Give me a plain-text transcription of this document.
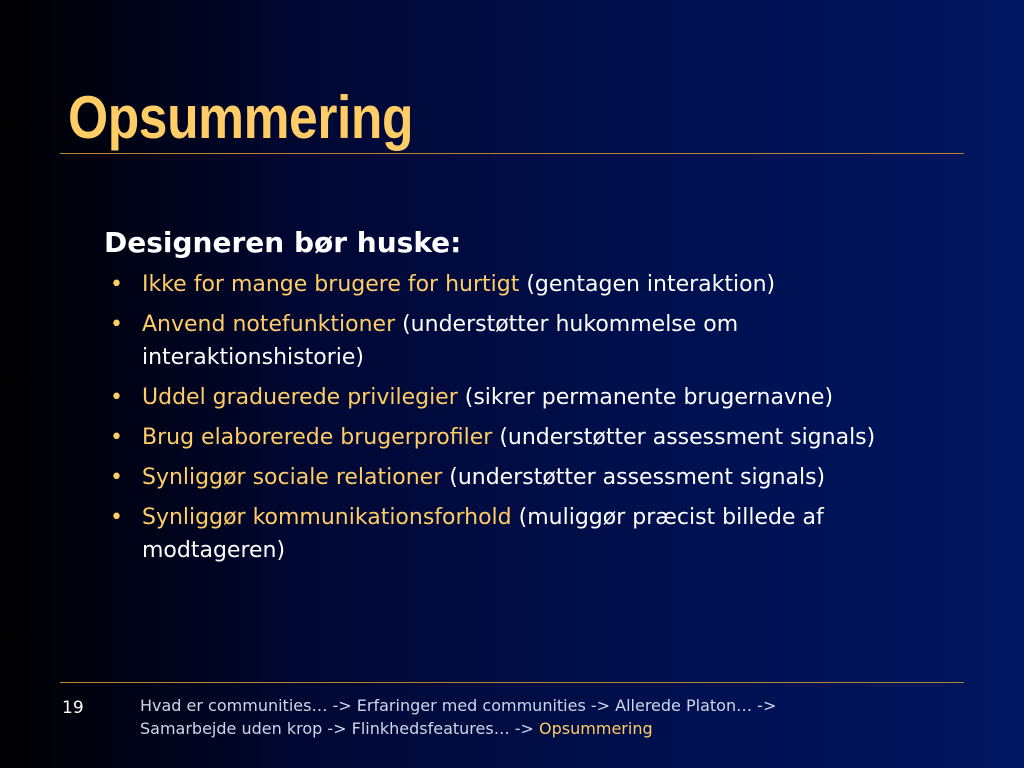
Opsummering
Designeren bør huske:
• Ikke for mange brugere for hurtigt (gentagen interaktion)
• Anvend notefunktioner (understøtter hukommelse om interaktionshistorie)
• Uddel graduerede privilegier (sikrer permanente brugernavne)
• Brug elaborerede brugerprofiler (understøtter assessment signals)
• Synliggør sociale relationer (understøtter assessment signals)
• Synliggør kommunikationsforhold (muliggør præcist billede af modtageren)
19	Hvad er communities… -> Erfaringer med communities -> Allerede Platon… -> Samarbejde uden krop -> Flinkhedsfeatures… -> Opsummering
